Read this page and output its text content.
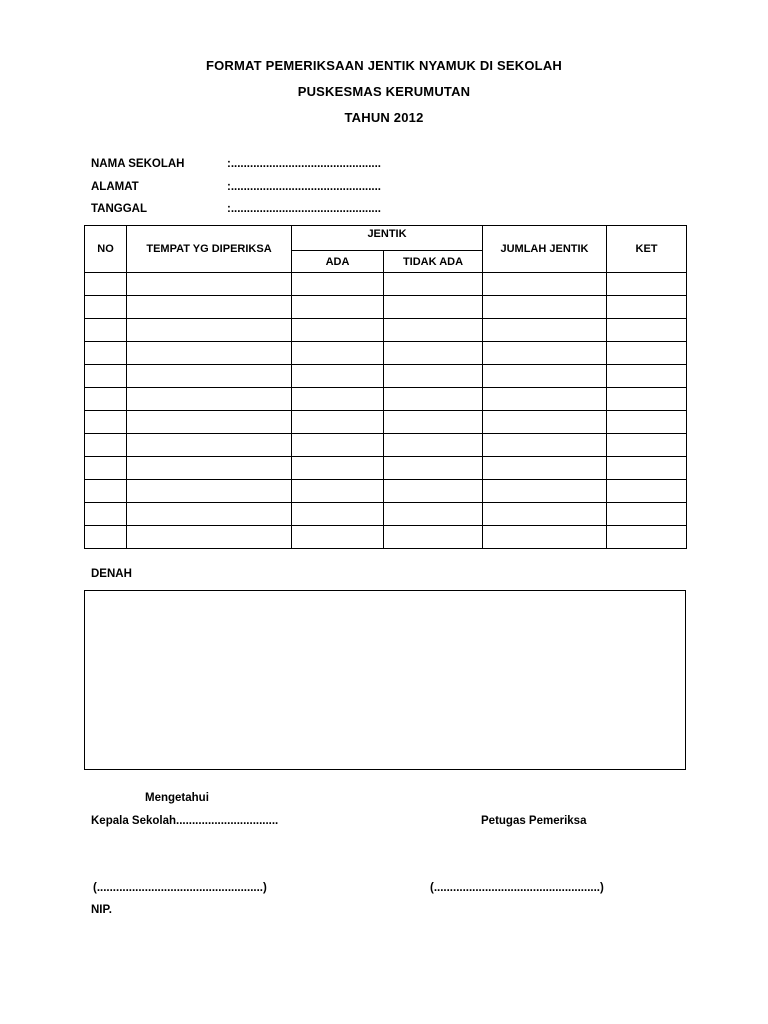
FORMAT PEMERIKSAAN JENTIK NYAMUK DI SEKOLAH
PUSKESMAS KERUMUTAN
TAHUN 2012
NAMA SEKOLAH	:...............................................
ALAMAT	:...............................................
TANGGAL	:...............................................
NO	TEMPAT YG DIPERIKSA	JENTIK		JUMLAH JENTIK	KET
		ADA	TIDAK ADA		

DENAH
Mengetahui
Kepala Sekolah................................	Petugas Pemeriksa
(....................................................)	(....................................................)
NIP.
